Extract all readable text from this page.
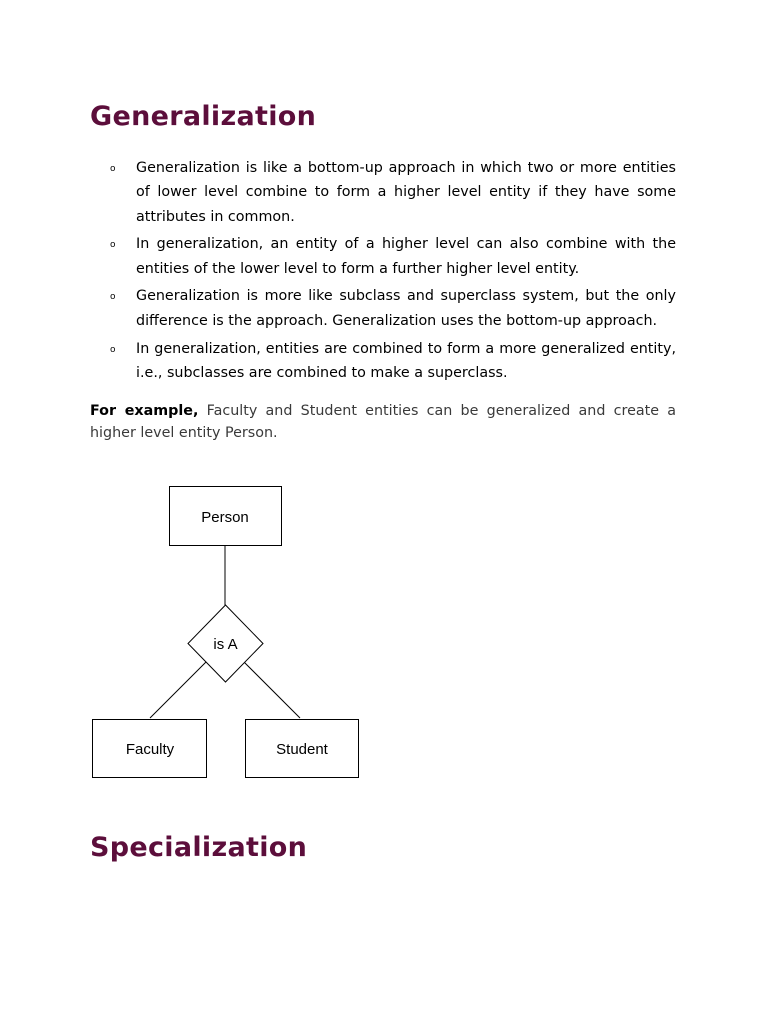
Generalization
o Generalization is like a bottom-up approach in which two or more entities of lower level combine to form a higher level entity if they have some attributes in common.
o In generalization, an entity of a higher level can also combine with the entities of the lower level to form a further higher level entity.
o Generalization is more like subclass and superclass system, but the only difference is the approach. Generalization uses the bottom-up approach.
o In generalization, entities are combined to form a more generalized entity, i.e., subclasses are combined to make a superclass.

For example, Faculty and Student entities can be generalized and create a higher level entity Person.

Person
is A
Faculty	Student
Specialization
